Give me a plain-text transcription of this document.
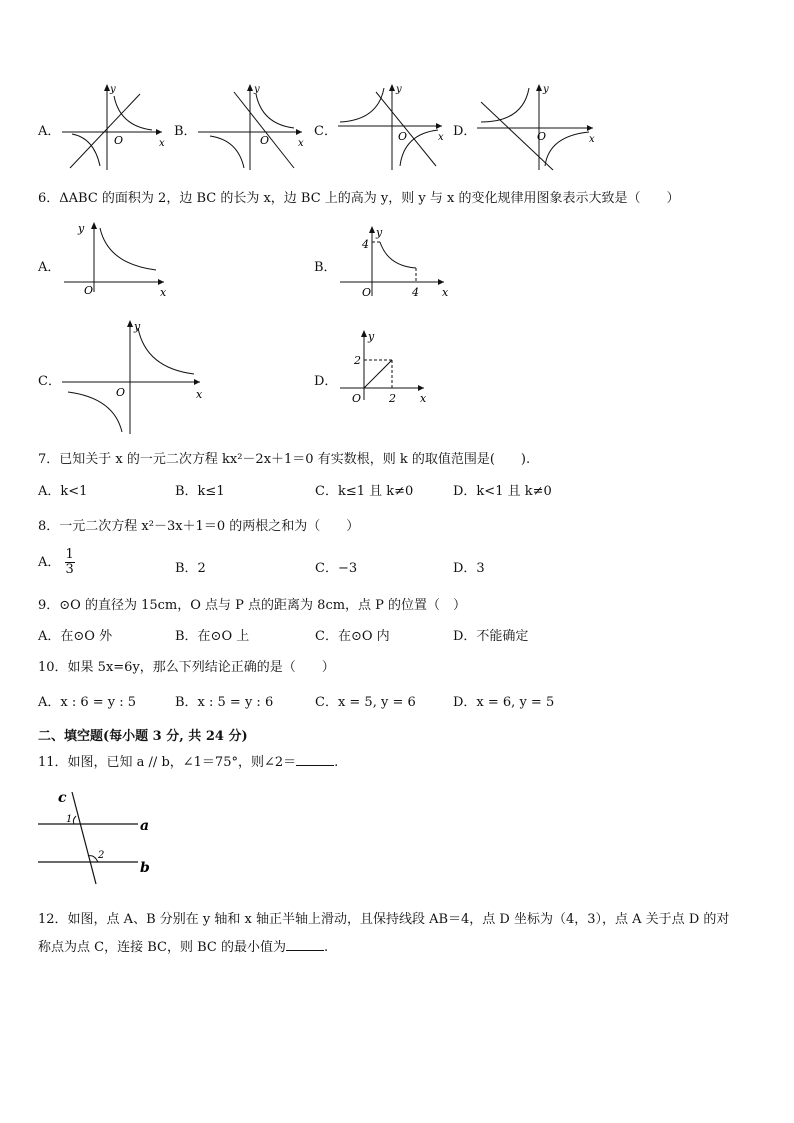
A．
O	x
y
B．
O	x
y
C．	O	x
y
D．	O	x
y
6．ΔABC 的面积为 2，边 BC 的长为 x，边 BC 上的高为 y，则 y 与 x 的变化规律用图象表示大致是（　　）
A．
O	x
y
B．
4
4
O	x
y
C．
O	x
y
D．
2
2
O	x
y
7．已知关于 x 的一元二次方程 kx²－2x＋1＝0 有实数根，则 k 的取值范围是(　　).
A．k<1	B．k≤1	C．k≤1 且 k≠0	D．k<1 且 k≠0
8．一元二次方程 x²－3x＋1＝0 的两根之和为（　　）
A． $\frac{1}{3}$	B．2	C．−3	D．3
9．⊙O 的直径为 15cm，O 点与 P 点的距离为 8cm，点 P 的位置（　）
A．在⊙O 外	B．在⊙O 上	C．在⊙O 内	D．不能确定
10．如果 5x=6y，那么下列结论正确的是（　　）
A．x : 6 = y : 5	B．x : 5 = y : 6	C．x = 5, y = 6	D．x = 6, y = 5
二、填空题(每小题 3 分, 共 24 分)
11．如图，已知 a // b，∠1＝75°，则∠2＝	.
c
1
2
a
b
12．如图，点 A、B 分别在 y 轴和 x 轴正半轴上滑动，且保持线段 AB＝4，点 D 坐标为（4，3），点 A 关于点 D 的对
称点为点 C，连接 BC，则 BC 的最小值为	.
